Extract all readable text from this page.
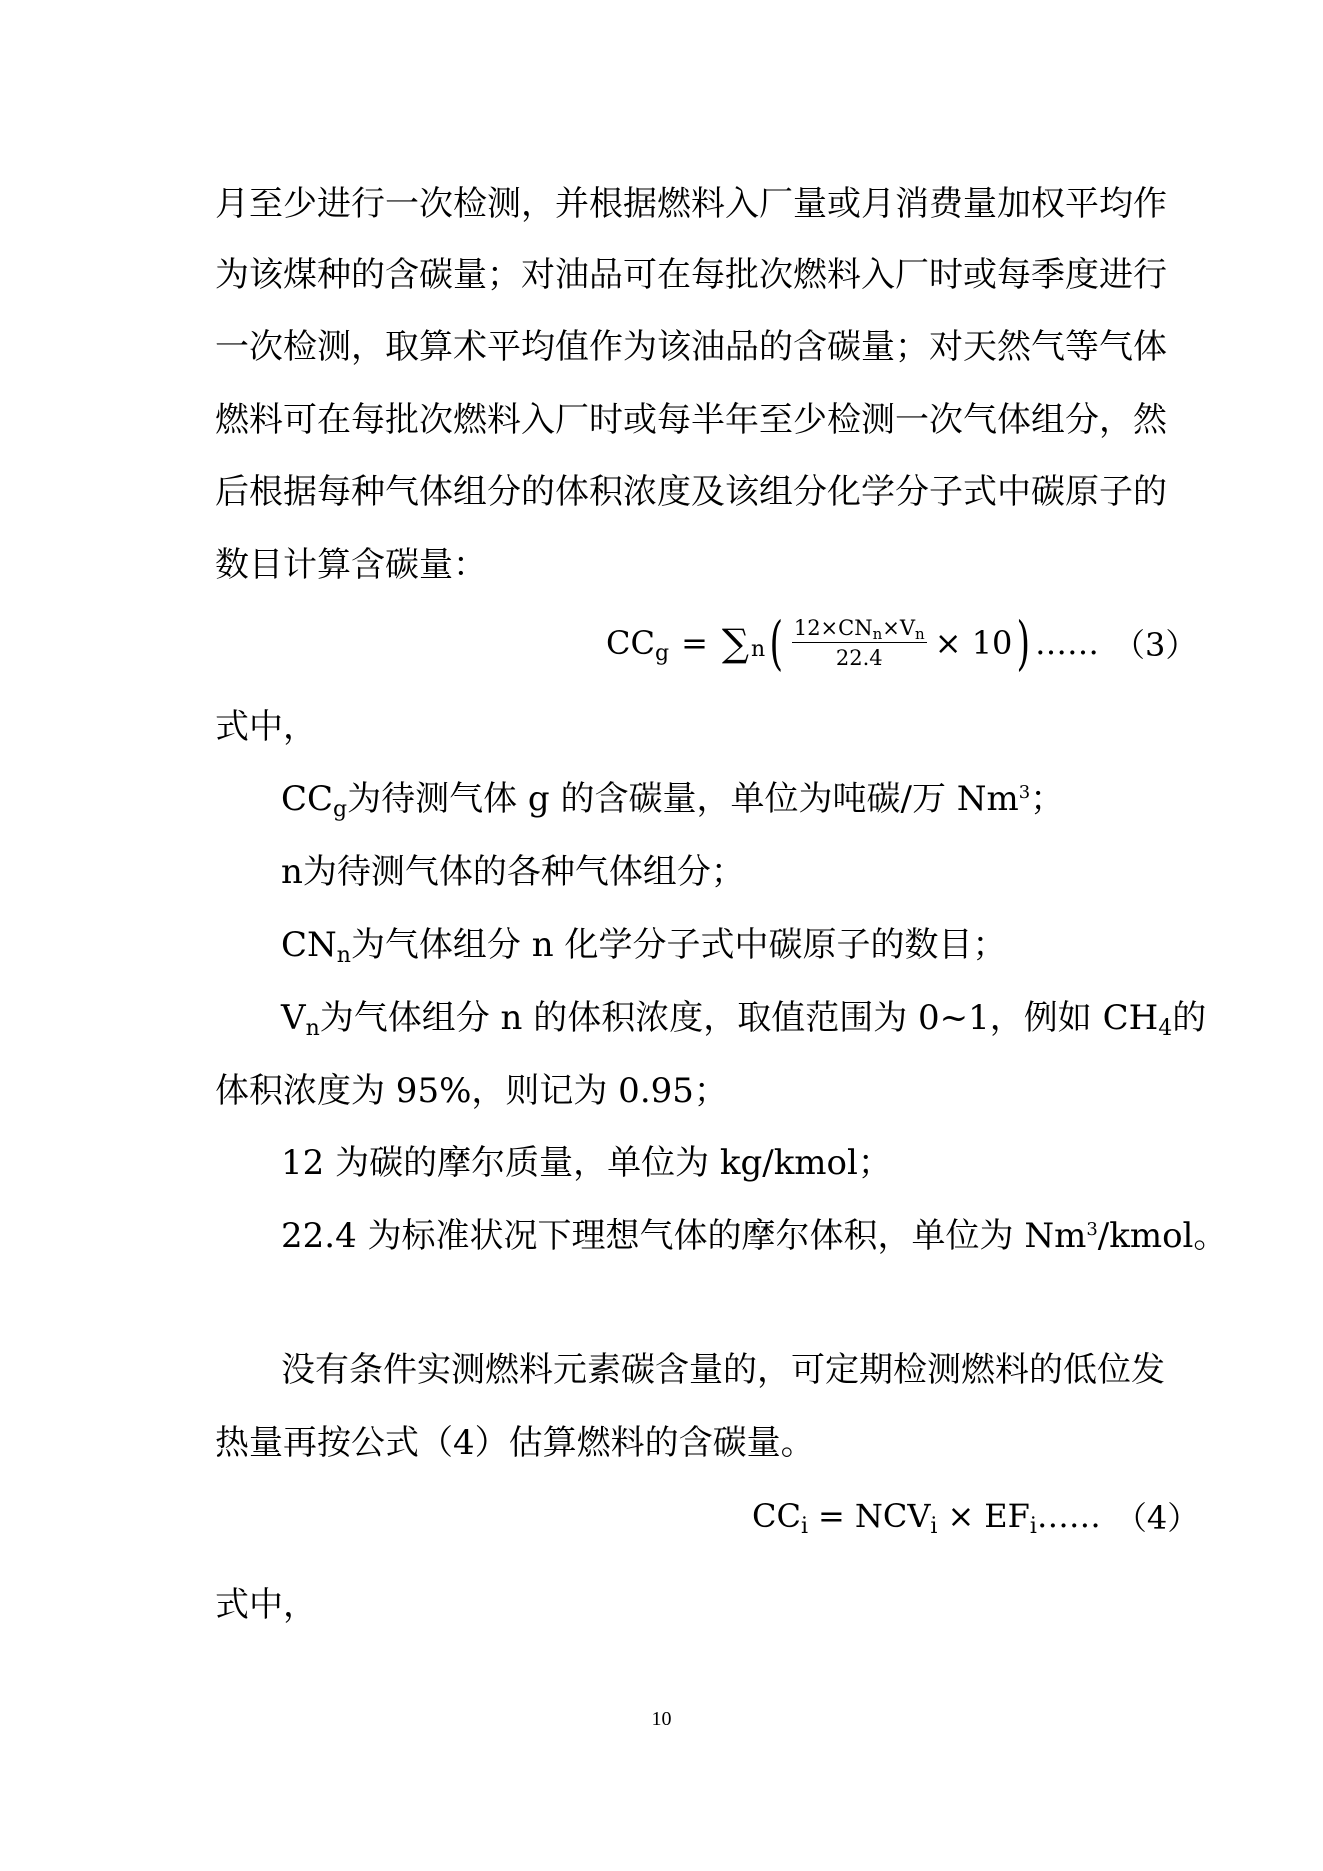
月至少进行一次检测，并根据燃料入厂量或月消费量加权平均作
为该煤种的含碳量；对油品可在每批次燃料入厂时或每季度进行
一次检测，取算术平均值作为该油品的含碳量；对天然气等气体
燃料可在每批次燃料入厂时或每半年至少检测一次气体组分，然
后根据每种气体组分的体积浓度及该组分化学分子式中碳原子的
数目计算含碳量：
$CC_g = \sum_n$ ( $\frac{12\times CN_n\times V_n}{22.4} \times 10$ ) …… （3）
式中，
$CC_g$为待测气体 g 的含碳量，单位为吨碳/万 Nm$^3$；
n为待测气体的各种气体组分；
$CN_n$为气体组分 n 化学分子式中碳原子的数目；
$V_n$为气体组分 n 的体积浓度，取值范围为 0~1，例如 $CH_4$的
体积浓度为 95%，则记为 0.95；
12 为碳的摩尔质量，单位为 kg/kmol；
22.4 为标准状况下理想气体的摩尔体积，单位为 Nm$^3$/kmol。
没有条件实测燃料元素碳含量的，可定期检测燃料的低位发
热量再按公式（4）估算燃料的含碳量。
$CC_i = NCV_i \times EF_i$ …… （4）
式中，
10
